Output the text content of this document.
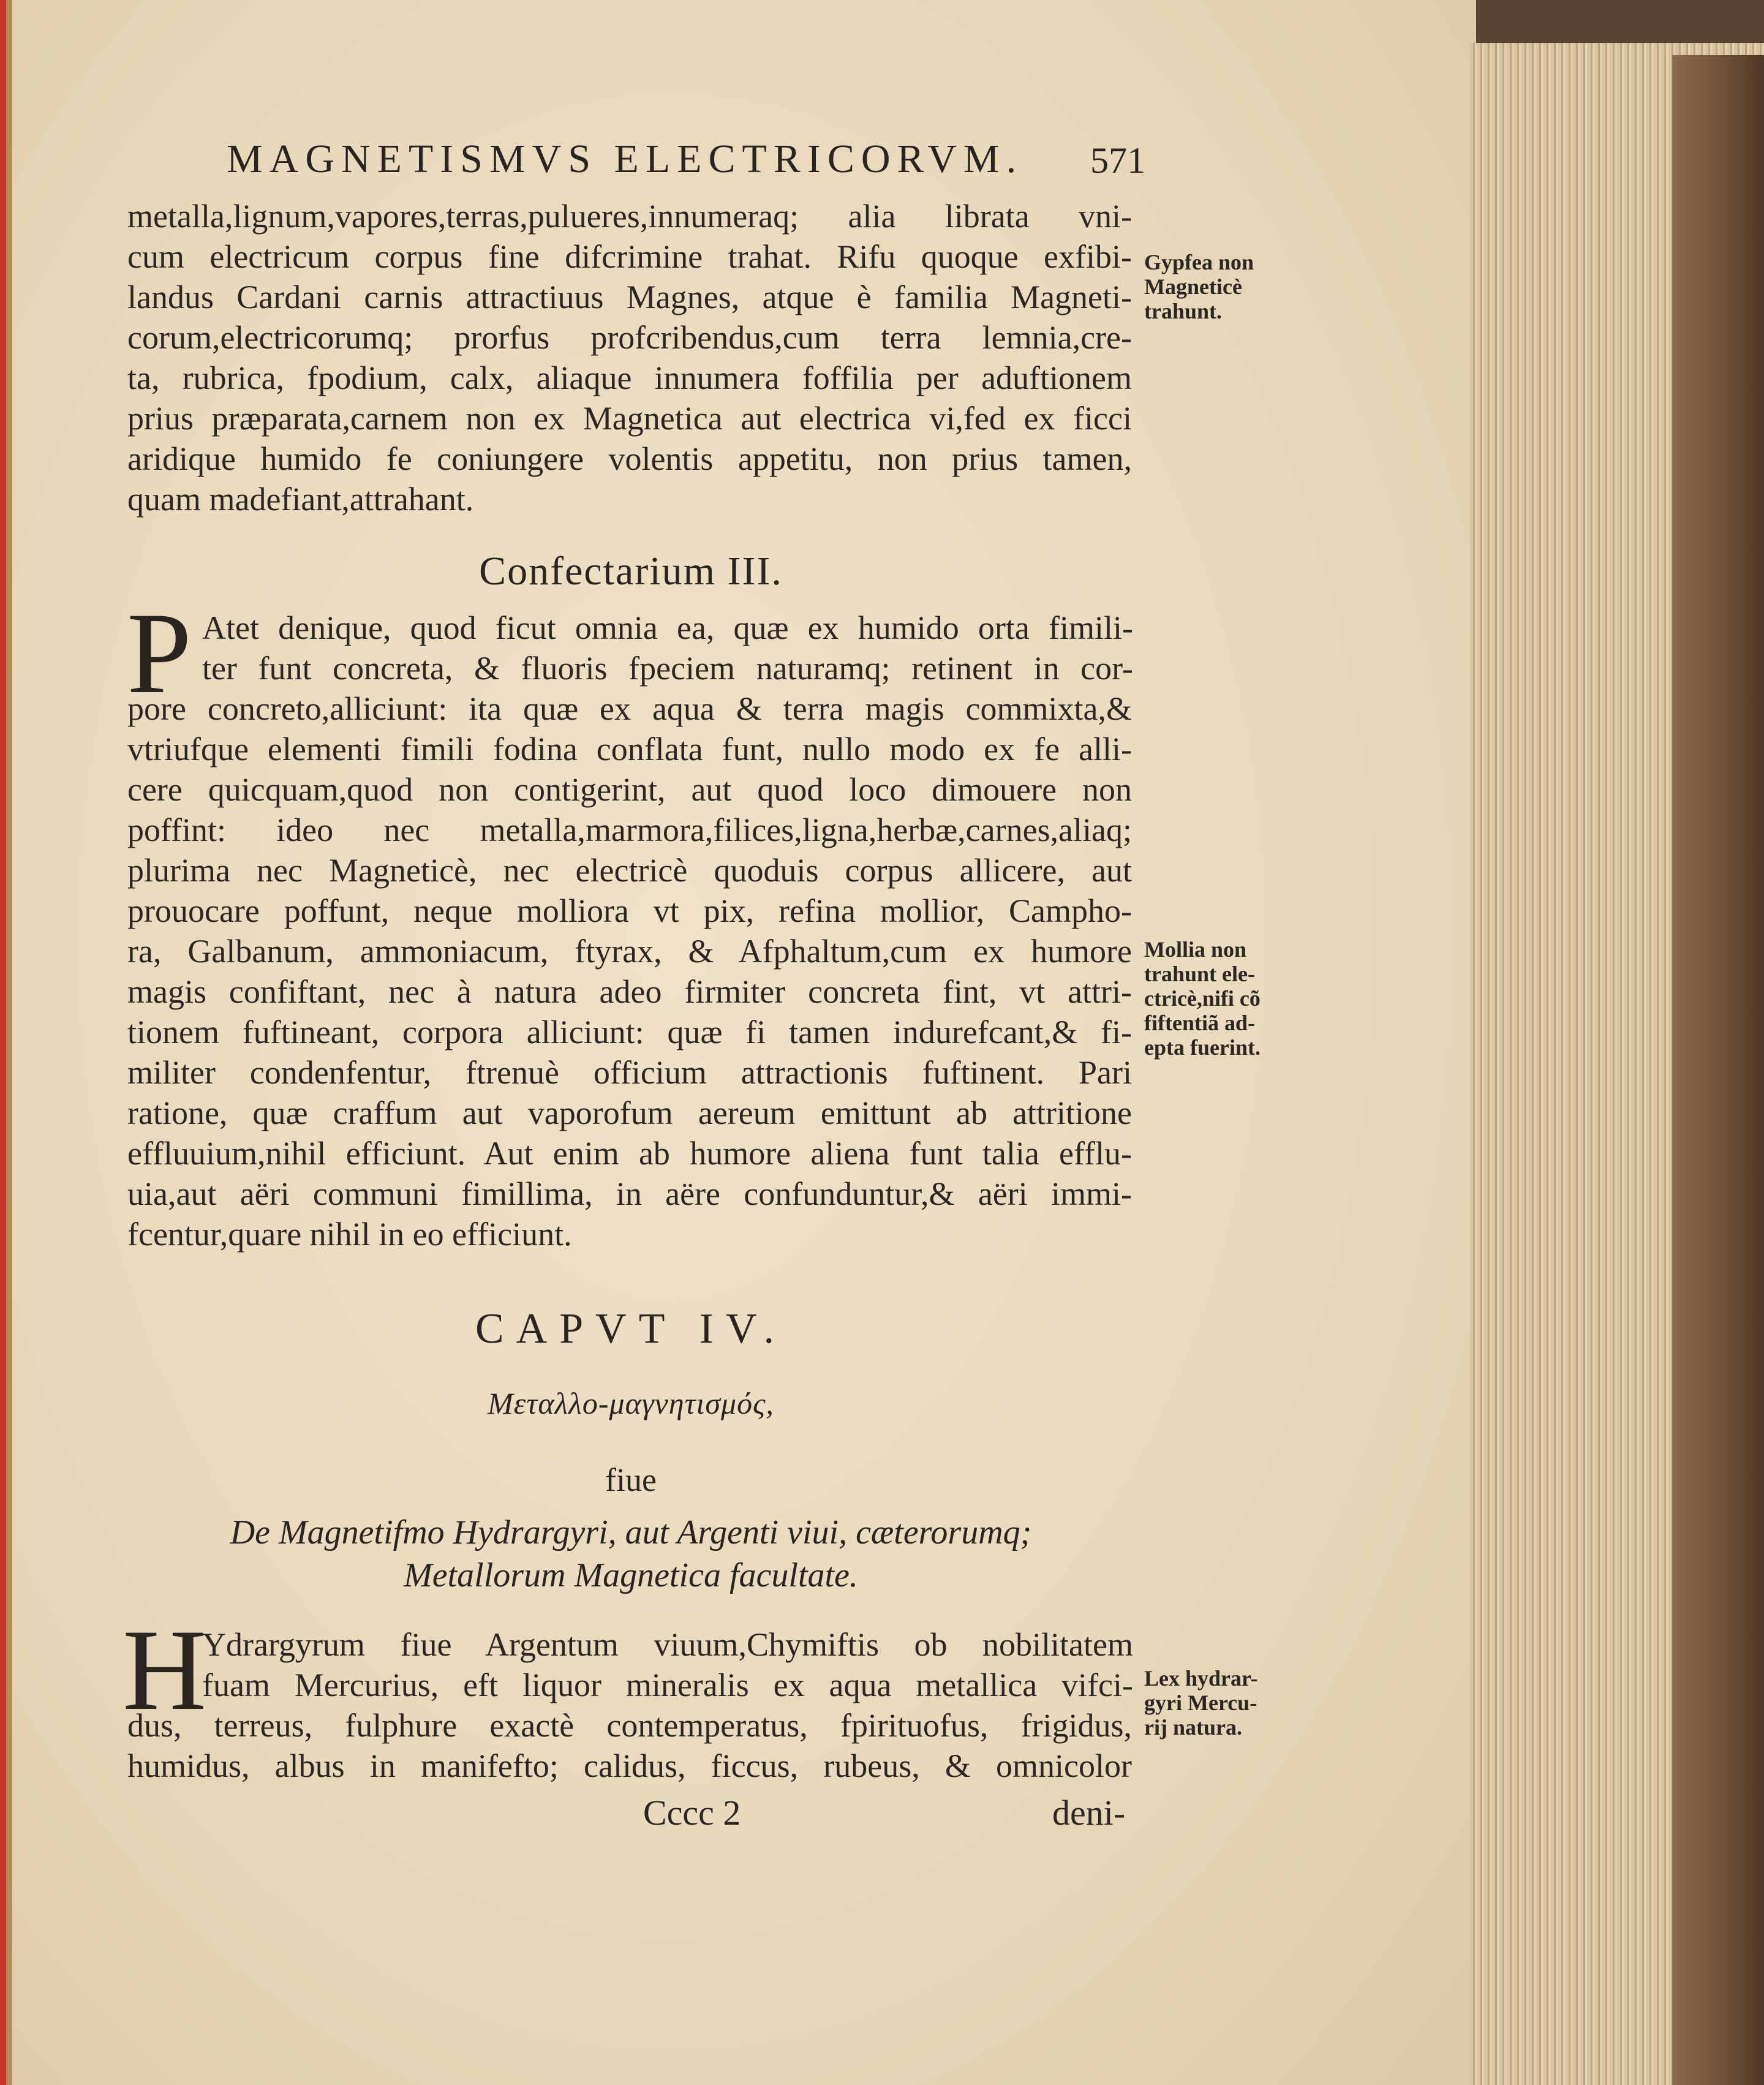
MAGNETISMVS ELECTRICORVM.	571
metalla,lignum,vapores,terras,pulueres,innumeraq; alia librata vni-
cum electricum corpus fine difcrimine trahat. Rifu quoque exfibi-
landus Cardani carnis attractiuus Magnes, atque è familia Magneti-
corum,electricorumq; prorfus profcribendus,cum terra lemnia,cre-
ta, rubrica, fpodium, calx, aliaque innumera foffilia per aduftionem
prius præparata,carnem non ex Magnetica aut electrica vi,fed ex ficci
aridique humido fe coniungere volentis appetitu, non prius tamen,
quam madefiant,attrahant.
Confectarium III.
P Atet denique, quod ficut omnia ea, quæ ex humido orta fimili-
ter funt concreta, & fluoris fpeciem naturamq; retinent in cor-
pore concreto,alliciunt: ita quæ ex aqua & terra magis commixta,&
vtriufque elementi fimili fodina conflata funt, nullo modo ex fe alli-
cere quicquam,quod non contigerint, aut quod loco dimouere non
poffint: ideo nec metalla,marmora,filices,ligna,herbæ,carnes,aliaq;
plurima nec Magneticè, nec electricè quoduis corpus allicere, aut
prouocare poffunt, neque molliora vt pix, refina mollior, Campho-
ra, Galbanum, ammoniacum, ftyrax, & Afphaltum,cum ex humore
magis confiftant, nec à natura adeo firmiter concreta fint, vt attri-
tionem fuftineant, corpora alliciunt: quæ fi tamen indurefcant,& fi-
militer condenfentur, ftrenuè officium attractionis fuftinent. Pari
ratione, quæ craffum aut vaporofum aereum emittunt ab attritione
effluuium,nihil efficiunt. Aut enim ab humore aliena funt talia efflu-
uia,aut aëri communi fimillima, in aëre confunduntur,& aëri immi-
fcentur,quare nihil in eo efficiunt.
CAPVT IV.
Μεταλλο-μαγνητισμός,
fiue
De Magnetifmo Hydrargyri, aut Argenti viui, cæterorumq;
Metallorum Magnetica facultate.
H
Ydrargyrum fiue Argentum viuum,Chymiftis ob nobilitatem
fuam Mercurius, eft liquor mineralis ex aqua metallica vifci-
dus, terreus, fulphure exactè contemperatus, fpirituofus, frigidus,
humidus, albus in manifefto; calidus, ficcus, rubeus, & omnicolor
Cccc 2	deni-
Gypfea non
Magneticè
trahunt.
Mollia non
trahunt ele-
ctricè,nifi cõ
fiftentiã ad-
epta fuerint.
Lex hydrar-
gyri Mercu-
rij natura.
